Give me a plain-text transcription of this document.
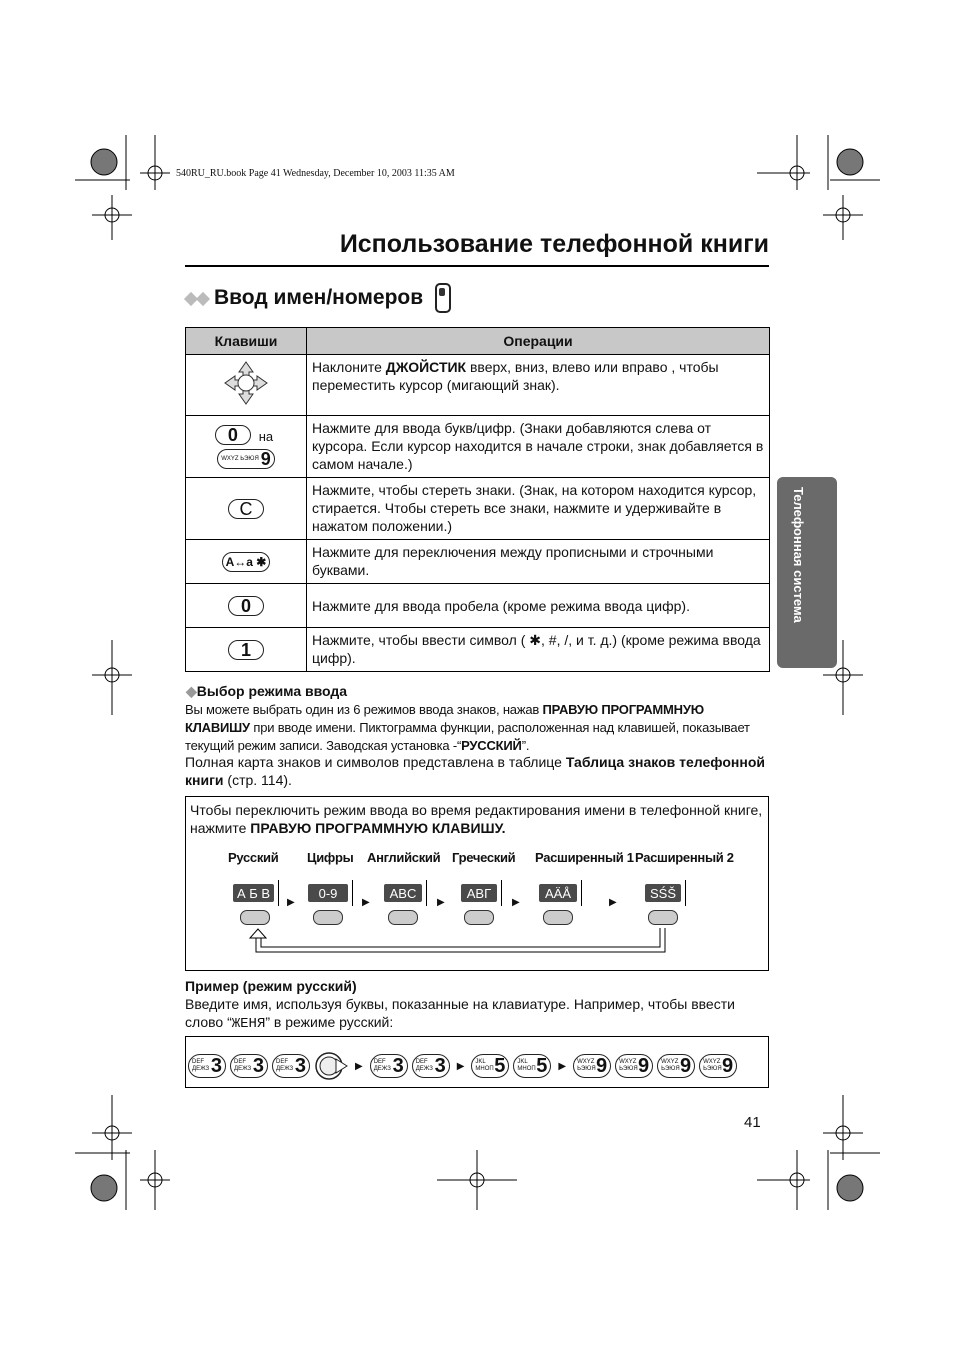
540RU_RU.book Page 41 Wednesday, December 10, 2003 11:35 AM
Использование телефонной книги
Ввод имен/номеров
Клавиши	Операции
	Наклоните ДЖОЙСТИК вверх, вниз, влево или вправо , чтобы переместить курсор (мигающий знак).
0 на
WXYZ ЬЭЮЯ 9	Нажмите для ввода букв/цифр. (Знаки добавляются слева от курсора. Если курсор находится в начале строки, знак добавляется в самом начале.)
C	Нажмите, чтобы стереть знаки. (Знак, на котором находится курсор, стирается. Чтобы стереть все знаки, нажмите и удерживайте в нажатом положении.)
A↔a ✱	Нажмите для переключения между прописными и строчными буквами.
0	Нажмите для ввода пробела (кроме режима ввода цифр).
1	Нажмите, чтобы ввести символ ( ✱, #, /, и т. д.) (кроме режима ввода цифр).
Телефонная система
◆Выбор режима ввода
Вы можете выбрать один из 6 режимов ввода знаков, нажав ПРАВУЮ ПРОГРАММНУЮ КЛАВИШУ при вводе имени. Пиктограмма функции, расположенная над клавишей, показывает текущий режим записи. Заводская установка -“РУССКИЙ”.
Полная карта знаков и символов представлена в таблице Таблица знаков телефонной книги (стр. 114).
Чтобы переключить режим ввода во время редактирования имени в телефонной книге, нажмите ПРАВУЮ ПРОГРАММНУЮ КЛАВИШУ.
Русский Цифры Английский Греческий Расширенный 1 Расширенный 2
А Б В	0-9	ABC	ΑΒΓ	AÄÅ	SŚŠ
▶	▶	▶	▶	▶
Пример (режим русский)
Введите имя, используя буквы, показанные на клавиатуре. Например, чтобы ввести слово “ЖЕНЯ” в режиме русский:
DEF ДЕЖЗ 3 DEF ДЕЖЗ 3 DEF ДЕЖЗ 3	▶ DEF ДЕЖЗ 3 DEF ДЕЖЗ 3 ▶ JKL МНОП 5 JKL МНОП 5 ▶ WXYZ ЬЭЮЯ 9 WXYZ ЬЭЮЯ 9 WXYZ ЬЭЮЯ 9 WXYZ ЬЭЮЯ 9
41
